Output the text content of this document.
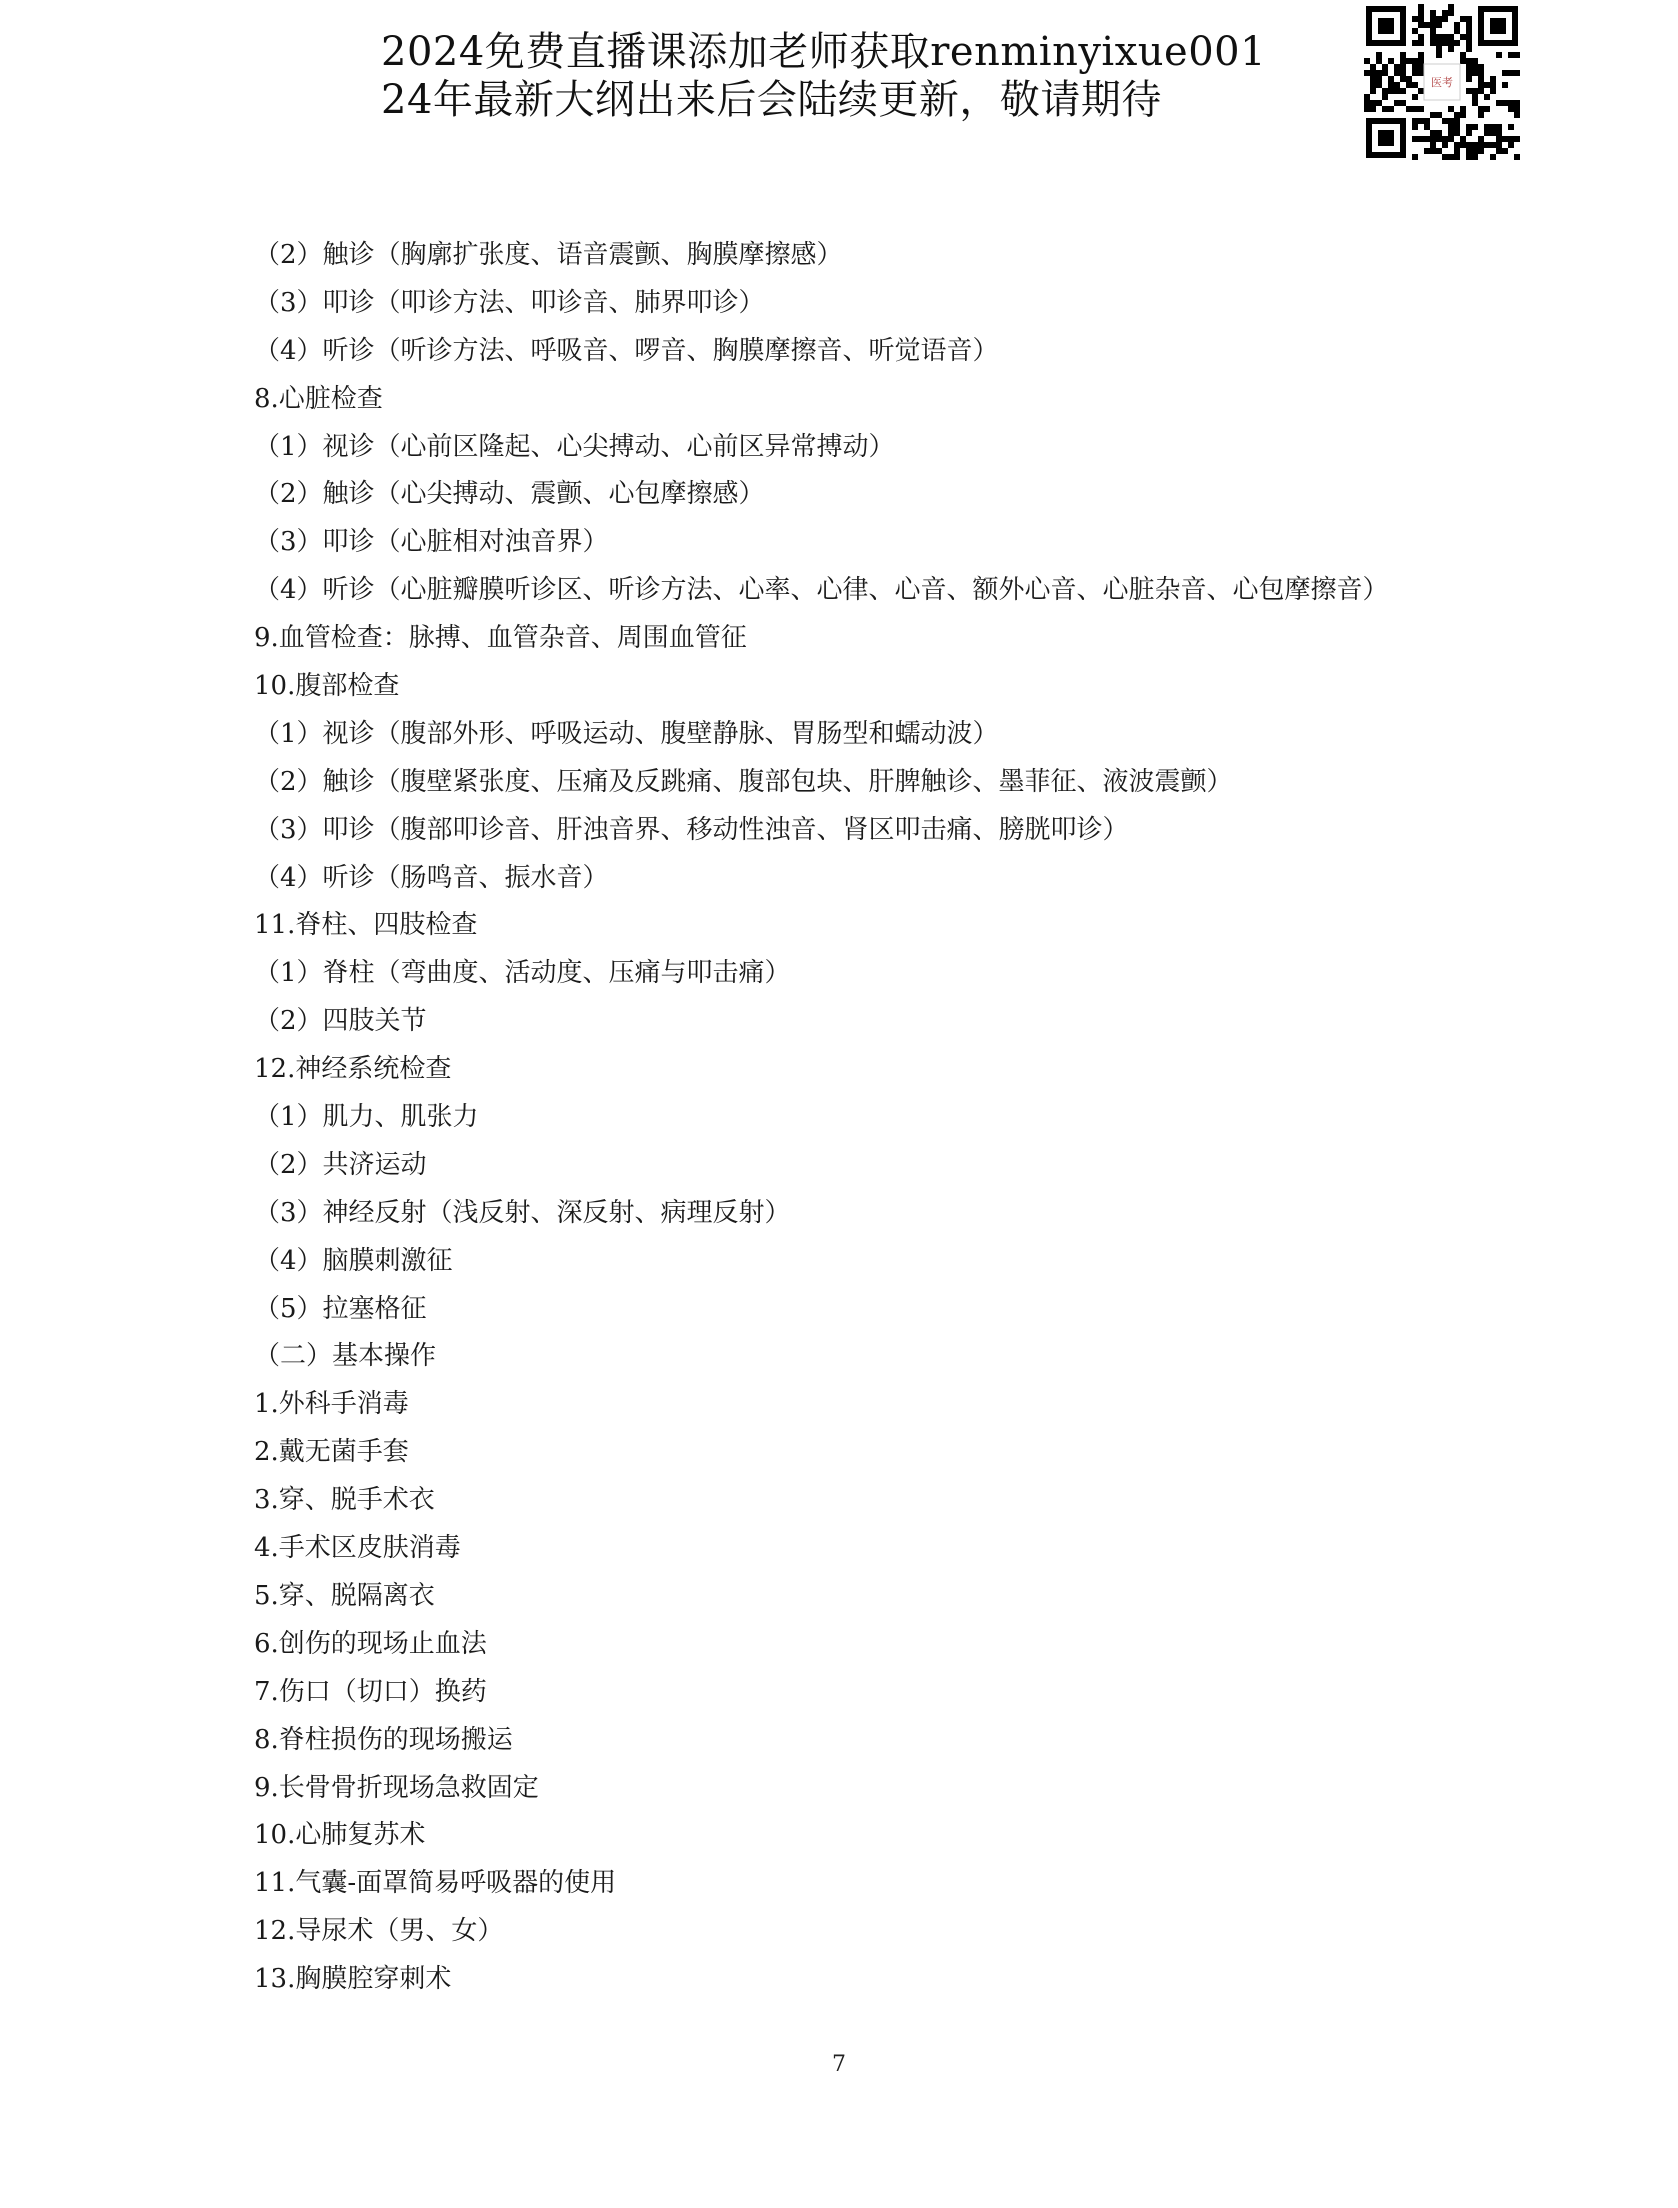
2024免费直播课添加老师获取renminyixue001
24年最新大纲出来后会陆续更新，敬请期待	医考
（2）触诊（胸廓扩张度、语音震颤、胸膜摩擦感）
（3）叩诊（叩诊方法、叩诊音、肺界叩诊）
（4）听诊（听诊方法、呼吸音、啰音、胸膜摩擦音、听觉语音）
8.心脏检查
（1）视诊（心前区隆起、心尖搏动、心前区异常搏动）
（2）触诊（心尖搏动、震颤、心包摩擦感）
（3）叩诊（心脏相对浊音界）
（4）听诊（心脏瓣膜听诊区、听诊方法、心率、心律、心音、额外心音、心脏杂音、心包摩擦音）
9.血管检查：脉搏、血管杂音、周围血管征
10.腹部检查
（1）视诊（腹部外形、呼吸运动、腹壁静脉、胃肠型和蠕动波）
（2）触诊（腹壁紧张度、压痛及反跳痛、腹部包块、肝脾触诊、墨菲征、液波震颤）
（3）叩诊（腹部叩诊音、肝浊音界、移动性浊音、肾区叩击痛、膀胱叩诊）
（4）听诊（肠鸣音、振水音）
11.脊柱、四肢检查
（1）脊柱（弯曲度、活动度、压痛与叩击痛）
（2）四肢关节
12.神经系统检查
（1）肌力、肌张力
（2）共济运动
（3）神经反射（浅反射、深反射、病理反射）
（4）脑膜刺激征
（5）拉塞格征
（二）基本操作
1.外科手消毒
2.戴无菌手套
3.穿、脱手术衣
4.手术区皮肤消毒
5.穿、脱隔离衣
6.创伤的现场止血法
7.伤口（切口）换药
8.脊柱损伤的现场搬运
9.长骨骨折现场急救固定
10.心肺复苏术
11.气囊-面罩简易呼吸器的使用
12.导尿术（男、女）
13.胸膜腔穿刺术
7
